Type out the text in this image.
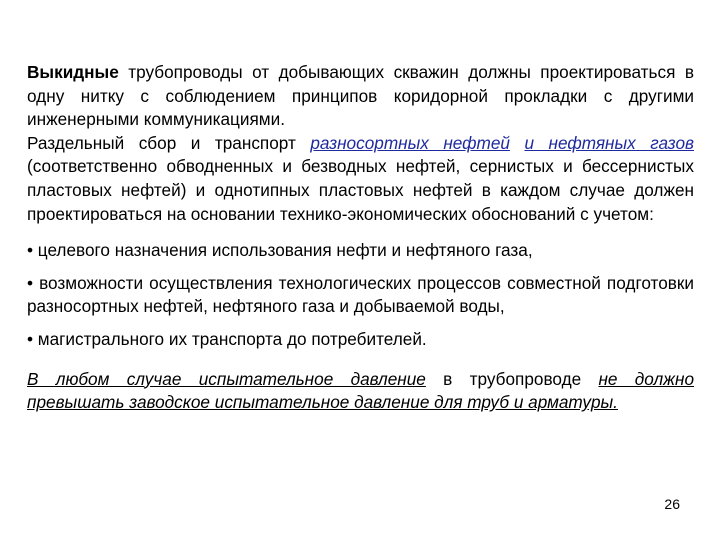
Выкидные трубопроводы от добывающих скважин должны проектироваться в одну нитку с соблюдением принципов коридорной прокладки с другими инженерными коммуникациями.

Раздельный сбор и транспорт разносортных нефтей и нефтяных газов (соответственно обводненных и безводных нефтей, сернистых и бессернистых пластовых нефтей) и однотипных пластовых нефтей в каждом случае должен проектироваться на основании технико-экономических обоснований с учетом:

• целевого назначения использования нефти и нефтяного газа,

• возможности осуществления технологических процессов совместной подготовки разносортных нефтей, нефтяного газа и добываемой воды,

• магистрального их транспорта до потребителей.

В любом случае испытательное давление в трубопроводе не должно превышать заводское испытательное давление для труб и арматуры.

26
